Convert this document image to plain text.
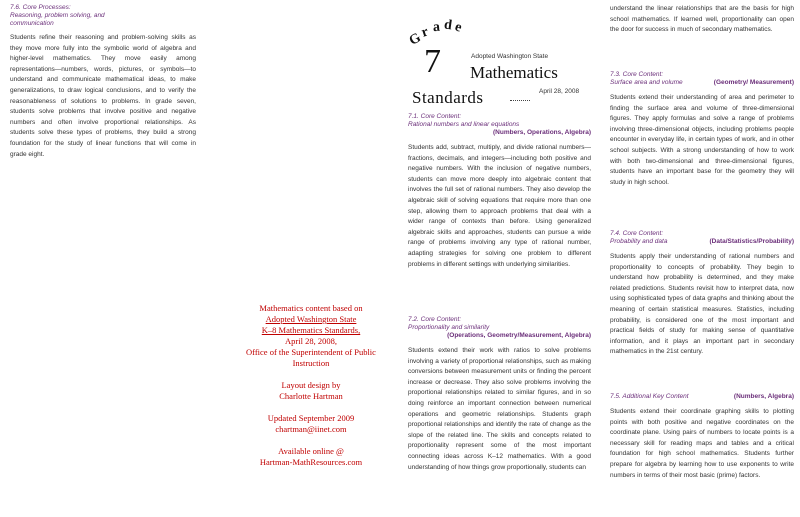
7.6. Core Processes:
Reasoning, problem solving, and communication
Students refine their reasoning and problem-solving skills as they move more fully into the symbolic world of algebra and higher-level mathematics. They move easily among representations—numbers, words, pictures, or symbols—to understand and communicate mathematical ideas, to make generalizations, to draw logical conclusions, and to verify the reasonableness of solutions to problems. In grade seven, students solve problems that involve positive and negative numbers and often involve proportional relationships. As students solve these types of problems, they build a strong foundation for the study of linear functions that will come in grade eight.
G
r a d e
7	Adopted Washington State
Mathematics
Standards	April 28, 2008
Mathematics content based on
Adopted Washington State
K–8 Mathematics Standards,
April 28, 2008,
Office of the Superintendent of Public
Instruction
Layout design by
Charlotte Hartman
Updated September 2009
chartman@iinet.com
Available online @
Hartman-MathResources.com
7.1. Core Content:
Rational numbers and linear equations
(Numbers, Operations, Algebra)
Students add, subtract, multiply, and divide rational numbers—fractions, decimals, and integers—including both positive and negative numbers. With the inclusion of negative numbers, students can move more deeply into algebraic content that involves the full set of rational numbers. They also develop the algebraic skill of solving equations that require more than one step, allowing them to approach problems that deal with a wider range of contexts than before. Using generalized algebraic skills and approaches, students can pursue a wide range of problems involving any type of rational number, adapting strategies for solving one problem to different problems in different settings with underlying similarities.
7.2. Core Content:
Proportionality and similarity
(Operations, Geometry/Measurement, Algebra)
Students extend their work with ratios to solve problems involving a variety of proportional relationships, such as making conversions between measurement units or finding the percent increase or decrease. They also solve problems involving the proportional relationships related to similar figures, and in so doing reinforce an important connection between numerical operations and geometric relationships. Students graph proportional relationships and identify the rate of change as the slope of the related line. The skills and concepts related to proportionality represent some of the most important connecting ideas across K–12 mathematics. With a good understanding of how things grow proportionally, students can
understand the linear relationships that are the basis for high school mathematics. If learned well, proportionality can open the door for success in much of secondary mathematics.
7.3. Core Content:
Surface area and volume	(Geometry/ Measurement)
Students extend their understanding of area and perimeter to finding the surface area and volume of three-dimensional figures. They apply formulas and solve a range of problems involving three-dimensional objects, including problems people encounter in everyday life, in certain types of work, and in other school subjects. With a strong understanding of how to work with both two-dimensional and three-dimensional figures, students have an important base for the geometry they will study in high school.
7.4. Core Content:
Probability and data	(Data/Statistics/Probability)
Students apply their understanding of rational numbers and proportionality to concepts of probability. They begin to understand how probability is determined, and they make related predictions. Students revisit how to interpret data, now using sophisticated types of data graphs and thinking about the meaning of certain statistical measures. Statistics, including probability, is considered one of the most important and practical fields of study for making sense of quantitative information, and it plays an important part in secondary mathematics in the 21st century.
7.5. Additional Key Content	(Numbers, Algebra)
Students extend their coordinate graphing skills to plotting points with both positive and negative coordinates on the coordinate plane. Using pairs of numbers to locate points is a necessary skill for reading maps and tables and a critical foundation for high school mathematics. Students further prepare for algebra by learning how to use exponents to write numbers in terms of their most basic (prime) factors.
